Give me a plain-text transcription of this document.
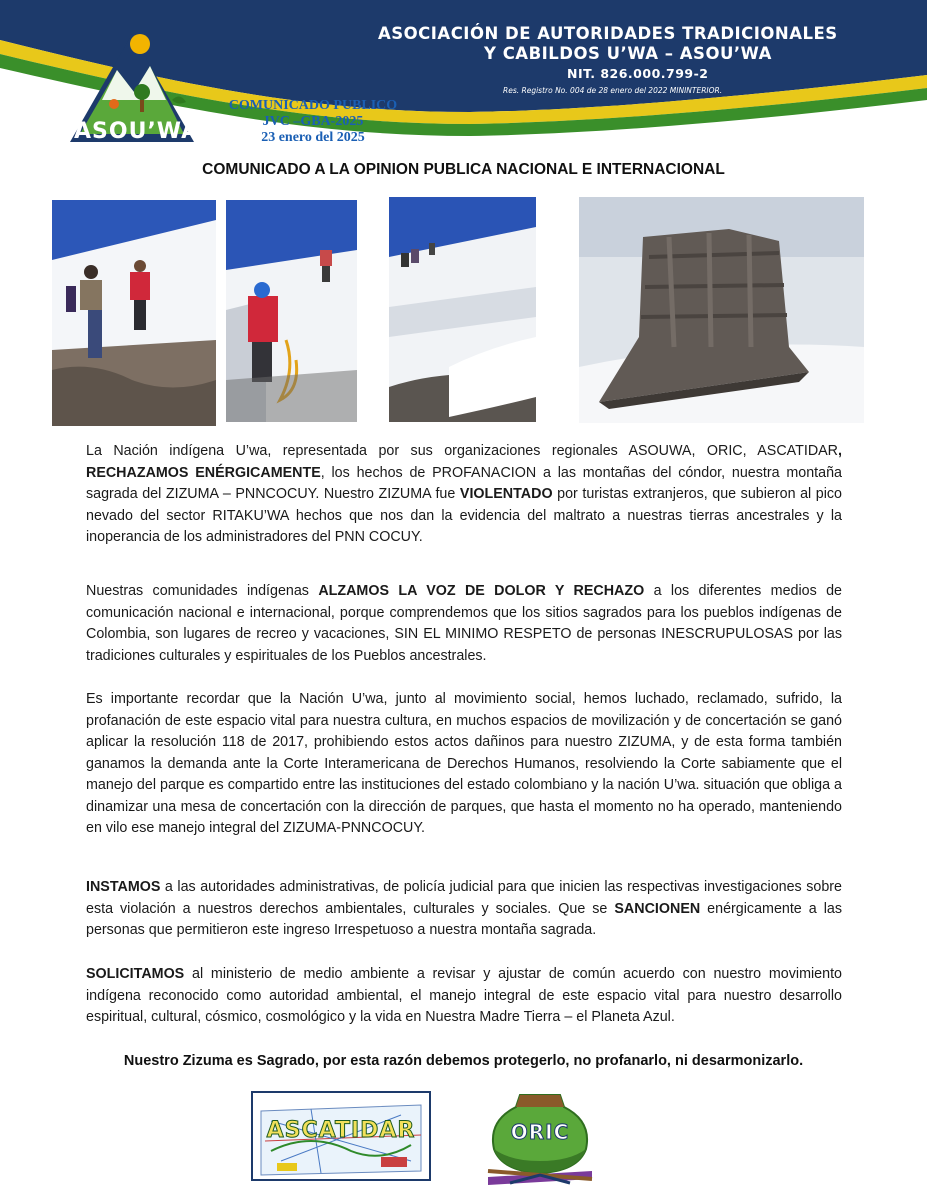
ASOU’WA
ASOCIACIÓN DE AUTORIDADES TRADICIONALES
Y CABILDOS U’WA – ASOU’WA
NIT. 826.000.799-2
Res. Registro No. 004 de 28 enero del 2022 MININTERIOR.
COMUNICADO PUBLICO
JVC –GBA-2025
23 enero del 2025
COMUNICADO A LA OPINION PUBLICA NACIONAL E INTERNACIONAL

La Nación indígena U’wa, representada por sus organizaciones regionales ASOUWA, ORIC, ASCATIDAR, RECHAZAMOS ENÉRGICAMENTE, los hechos de PROFANACION a las montañas del cóndor, nuestra montaña sagrada del ZIZUMA – PNNCOCUY. Nuestro ZIZUMA fue VIOLENTADO por turistas extranjeros, que subieron al pico nevado del sector RITAKU’WA hechos que nos dan la evidencia del maltrato a nuestras tierras ancestrales y la inoperancia de los administradores del PNN COCUY.

Nuestras comunidades indígenas ALZAMOS LA VOZ DE DOLOR Y RECHAZO a los diferentes medios de comunicación nacional e internacional, porque comprendemos que los sitios sagrados para los pueblos indígenas de Colombia, son lugares de recreo y vacaciones, SIN EL MINIMO RESPETO de personas INESCRUPULOSAS por las tradiciones culturales y espirituales de los Pueblos ancestrales.

Es importante recordar que la Nación U’wa, junto al movimiento social, hemos luchado, reclamado, sufrido, la profanación de este espacio vital para nuestra cultura, en muchos espacios de movilización y de concertación se ganó aplicar la resolución 118 de 2017, prohibiendo estos actos dañinos para nuestro ZIZUMA, y de esta forma también ganamos la demanda ante la Corte Interamericana de Derechos Humanos, resolviendo la Corte sabiamente que el manejo del parque es compartido entre las instituciones del estado colombiano y la nación U’wa. situación que obliga a dinamizar una mesa de concertación con la dirección de parques, que hasta el momento no ha operado, manteniendo en vilo ese manejo integral del ZIZUMA-PNNCOCUY.

INSTAMOS a las autoridades administrativas, de policía judicial para que inicien las respectivas investigaciones sobre esta violación a nuestros derechos ambientales, culturales y sociales. Que se SANCIONEN enérgicamente a las personas que permitieron este ingreso Irrespetuoso a nuestra montaña sagrada.

SOLICITAMOS al ministerio de medio ambiente a revisar y ajustar de común acuerdo con nuestro movimiento indígena reconocido como autoridad ambiental, el manejo integral de este espacio vital para nuestro desarrollo espiritual, cultural, cósmico, cosmológico y la vida en Nuestra Madre Tierra – el Planeta Azul.

Nuestro Zizuma es Sagrado, por esta razón debemos protegerlo, no profanarlo, ni desarmonizarlo.
ASCATIDAR	ORIC
